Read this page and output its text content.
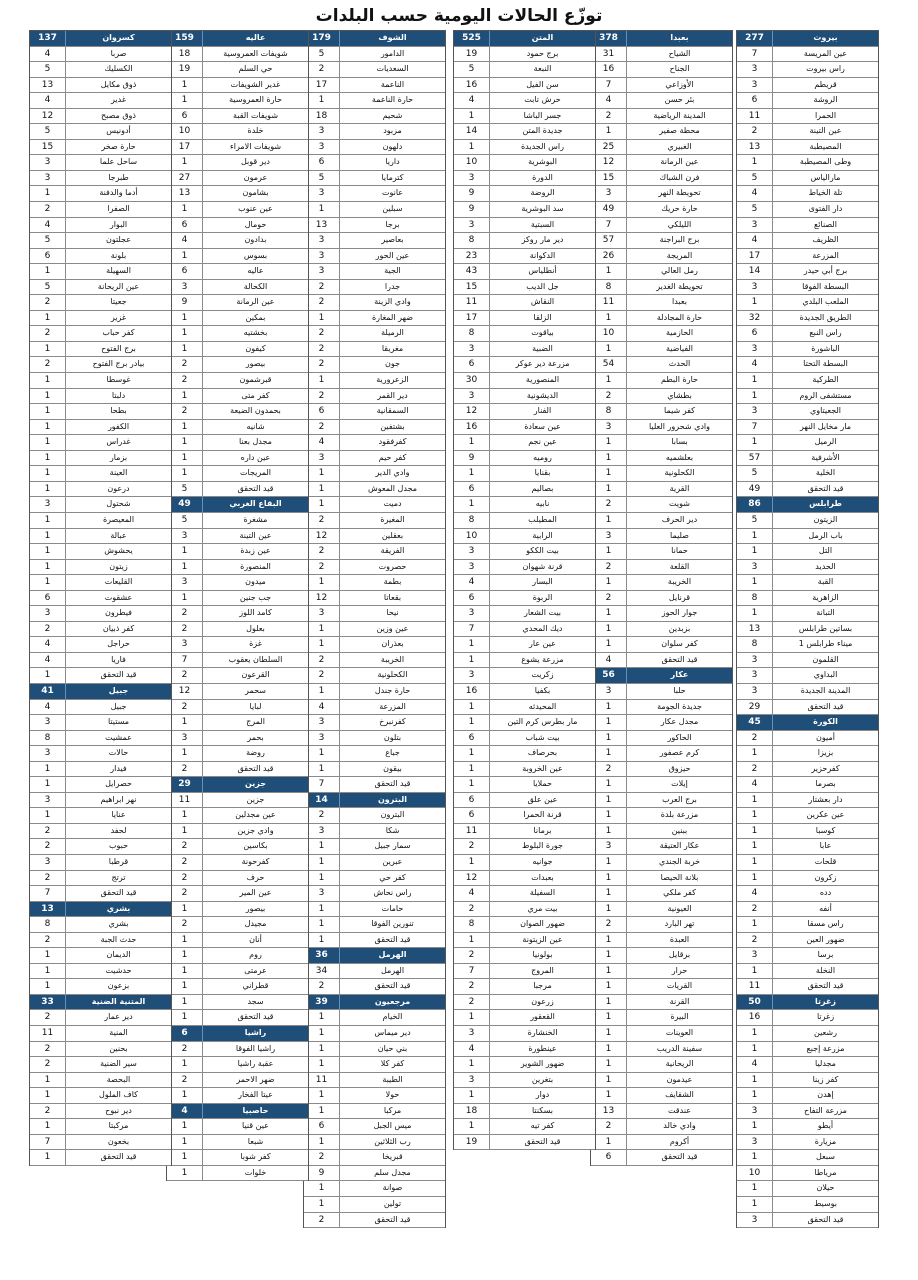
توزّع الحالات اليومية حسب البلدات
277	بيروت
7	عين المريسة
3	راس بيروت
3	قريطم
6	الروشة
11	الحمرا
2	عين التينة
13	المصيطبة
1	وطى المصيطبة
5	مارالياس
4	تلة الخياط
5	دار الفتوى
3	الصنائع
4	الظريف
17	المزرعة
14	برج أبي حيدر
3	البسطة الفوقا
1	الملعب البلدي
32	الطريق الجديدة
6	راس النبع
3	الباشورة
4	البسطة التحتا
1	الطركية
1	مستشفى الروم
3	الجعيتاوي
7	مار مخايل النهر
1	الرميل
57	الأشرفية
5	الخلية
49	قيد التحقق
86	طرابلس
5	الزيتون
1	باب الرمل
1	التل
3	الحديد
1	القبة
8	الزاهرية
1	التبانة
13	بساتين طرابلس
8	ميناء طرابلس 1
3	القلمون
3	البداوي
3	المدينة الجديدة
29	قيد التحقق
45	الكورة
2	أميون
1	بزيزا
2	كفرحزير
4	بصرما
1	دار بعشتار
1	عين عكرين
1	كوسبا
1	عابا
1	قلحات
1	زكرون
4	دده
2	أنفه
1	راس مسقا
2	ضهور العين
3	برسا
1	النخلة
11	قيد التحقق
50	زغرتا
16	زغرتا
1	رشعين
1	مزرعة إجبع
4	مجدليا
1	كفر زينا
1	إهدن
3	مزرعة التفاح
1	أيطو
3	مزيارة
1	سبعل
10	مرياطا
1	حيلان
1	بوسيط
3	قيد التحقق
378	بعبدا
31	الشياح
16	الجناح
7	الأوزاعي
4	بئر حسن
2	المدينة الرياضية
1	محطة صفير
25	الغبيري
12	عين الرمانة
15	فرن الشباك
3	تحويطة النهر
49	حارة حريك
7	الليلكي
57	برج البراجنة
26	المريجة
1	رمل العالي
8	تحويطة الغدير
11	بعبدا
1	حارة المجادلة
10	الحازمية
1	الفياضية
54	الحدث
1	حارة البطم
2	بطشاي
8	كفر شيما
3	وادي شحرور العليا
1	بسابا
1	بعلشميه
1	الكحلونية
1	القرية
2	شويت
1	دير الحرف
3	صليما
1	حمانا
2	القلعة
1	الخريبة
2	قرنايل
1	جوار الحوز
1	بزبدين
1	كفر سلوان
4	قيد التحقق
56	عكار
3	حلبا
1	جديدة الجومة
1	مجدل عكار
1	الحاكور
1	كرم عصفور
2	حيزوق
1	إيلات
1	برج العرب
1	مزرعة بلدة
1	ببنين
3	عكار العتيقة
1	خربة الجندي
1	بلانة الحيصا
1	كفر ملكي
1	العيونية
2	تهر البارد
1	العبدة
1	برقايل
1	حرار
1	القريات
1	القرنة
1	البيرة
1	العوينات
1	سفينة الدريب
1	الريحانية
1	عيدمون
1	الشقايف
13	عندقت
2	وادي خالد
1	أكروم
6	قيد التحقق
525	المتن
19	برج حمود
5	النبعة
16	سن الفيل
4	حرش تابت
1	جسر الباشا
14	جديدة المتن
1	راس الجديدة
10	البوشرية
3	الدورة
9	الروضة
9	سد البوشرية
3	السبتية
8	دير مار روكز
23	الدكوانة
43	أنطلياس
15	جل الديب
11	النقاش
17	الزلقا
8	بياقوت
3	الضبية
6	مزرعة دير عوكر
30	المنصورية
3	الديشونية
12	الفنار
16	عين سعادة
1	عين نجم
9	روميه
1	بقنايا
6	بصاليم
1	نابيه
8	المطيلب
10	الرابية
3	بيت الككو
3	قرنة شهوان
4	البسار
6	الربوة
3	بيت الشعار
7	ديك المحدي
1	عين عار
1	مزرعة يشوع
3	زكريت
16	بكفيا
1	المحيدثه
1	مار بطرس كرم التين
6	بيت شباب
1	بحرصاف
1	عين الخروبة
1	حملايا
6	عين علق
6	قرنة الحمرا
11	برمانا
2	جورة البلوط
1	جوانيه
12	بعبدات
4	السفيلة
2	بيت مري
8	ضهور الصوان
1	عين الزيتونة
2	بولونيا
7	المروج
2	مرجبا
2	زرعون
1	القعقور
3	الخنشارة
4	عينطورة
1	ضهور الشوير
3	بتغرين
1	دوار
18	بسكنتا
1	كفر تيه
19	قيد التحقق
179	الشوف
5	الدامور
2	السعديات
17	الناعمة
1	حارة الناعمة
18	شحيم
3	مزبود
3	دلهون
6	داريا
5	كترمايا
3	عانوت
1	سبلين
13	برجا
3	بعاصير
3	عين الحور
3	الجية
2	جدرا
2	وادي الزينة
1	ضهر المغارة
2	الرميلة
2	مغريقا
2	جون
1	الزعرورية
2	دير القمر
6	السمقانية
2	بشتفين
4	كفرفقود
3	كفر حيم
1	وادي الدير
1	مجدل المعوش
1	دميت
2	المغيرة
12	بعقلين
2	الفريقة
2	حصروت
1	بطمة
12	بقعاتا
3	نيحا
1	عين وزين
1	بعذران
2	الخريبة
2	الكحلونية
1	حارة جندل
4	المزرعة
3	كفرنبرخ
3	بتلون
1	جباع
1	بيقون
7	قيد التحقق
14	البترون
2	البترون
3	شكا
1	سمار جبيل
1	عبرين
1	كفر حي
3	راس نحاش
1	حامات
1	تنورين الفوقا
1	قيد التحقق
36	الهرمل
34	الهرمل
2	قيد التحقق
39	مرجعيون
1	الخيام
1	دير ميماس
1	بني حيان
1	كفر كلا
11	الطيبة
1	حولا
1	مركبا
6	ميس الجبل
1	رب الثلاثين
2	قبريخا
9	مجدل سلم
1	صوانة
1	تولين
2	قيد التحقق
159	عاليه
18	شويفات العمروسية
19	حي السلم
1	غدير الشويفات
1	حارة العمروسية
6	شويفات القبة
10	خلدة
17	شويفات الامراء
1	دير قوبل
27	عرمون
13	بشامون
1	عين عنوب
6	حومال
4	بدادون
1	بسوس
6	عاليه
3	الكحالة
9	عين الرمانة
1	بمكين
1	بخشتيه
1	كيفون
2	بيصور
2	قبرشمون
1	كفر متى
2	بحمدون الضيعة
1	شانيه
1	مجدل بعنا
1	عين داره
1	المريجات
5	قيد التحقق
49	البقاع الغربي
5	مشغرة
3	عين التينة
1	عين زبدة
1	المنصورة
3	ميدون
1	جب جنين
2	كامد اللوز
2	بعلول
3	غزة
7	السلطان يعقوب
2	القرعون
12	سحمر
2	لبايا
1	المرج
3	بحمر
1	روضة
2	قيد التحقق
29	جزين
11	جزين
1	عين مجدلين
1	وادي جزين
2	بكاسين
2	كفرحونة
2	حرف
2	عين المير
1	بيصور
2	مجيدل
1	أنان
1	روم
1	عرمتى
1	قطراني
1	سجد
1	قيد التحقق
6	راشيا
2	راشيا الفوقا
1	عقبة راشيا
2	ضهر الاحمر
1	عيتا الفخار
4	حاصبيا
1	عين قنيا
1	شبعا
1	كفر شوبا
1	خلوات
137	كسروان
4	صربا
5	الكسليك
13	ذوق مكايل
4	غدير
12	ذوق مصبح
5	أدونيس
15	حارة صخر
3	ساحل علما
3	طبرجا
1	أدما والدفنة
2	الصفرا
4	البوار
5	عجلتون
6	بلونة
1	السهيلة
5	عين الريحانة
2	جعيتا
1	غزير
2	كفر حباب
1	برج الفتوح
2	بيادر برج الفتوح
1	غوسطا
1	دلبتا
1	بطحا
1	الكفور
1	غدراس
1	بزمار
1	العينة
1	درعون
3	شحتول
1	المعيصرة
1	عبالة
1	يحشوش
1	زيتون
1	القليعات
6	عشقوت
3	فيطرون
2	كفر ذبيان
4	حراجل
4	فاريا
1	قيد التحقق
41	جبيل
4	جبيل
3	مستيتا
8	عمشيت
3	حالات
1	فيدار
1	حصرايل
3	نهر ابراهيم
1	عنايا
2	لحفد
2	حبوب
3	قرطبا
2	ترتج
7	قيد التحقق
13	بشري
8	بشري
2	حدث الجبة
1	الديمان
1	حدشيت
1	بزعون
33	المتنية الضنية
2	دير عمار
11	المنية
2	بحنين
2	سير الضنية
1	البحصة
1	كاف الملول
2	دير نبوح
1	مركبتا
7	بخعون
1	قيد التحقق
